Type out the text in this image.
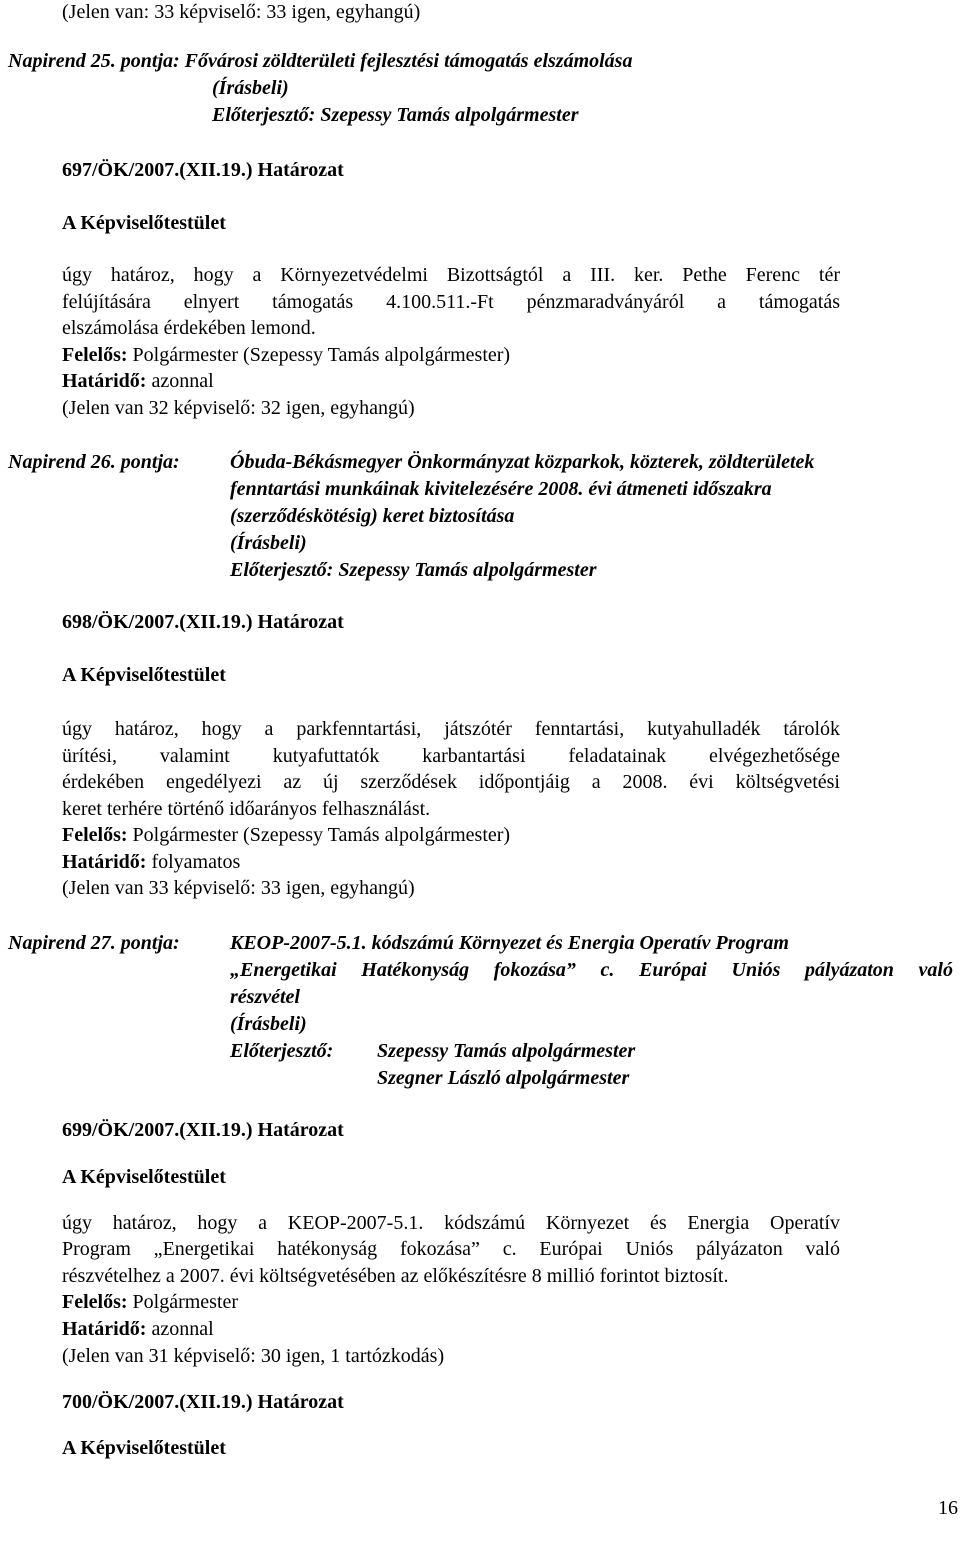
(Jelen van: 33 képviselő: 33 igen, egyhangú)
Napirend 25. pontja: Fővárosi zöldterületi fejlesztési támogatás elszámolása
(Írásbeli)
Előterjesztő: Szepessy Tamás alpolgármester
697/ÖK/2007.(XII.19.) Határozat
A Képviselőtestület
úgy határoz, hogy a Környezetvédelmi Bizottságtól a III. ker. Pethe Ferenc tér
felújítására elnyert támogatás 4.100.511.-Ft pénzmaradványáról a támogatás
elszámolása érdekében lemond.
Felelős: Polgármester (Szepessy Tamás alpolgármester)
Határidő: azonnal
(Jelen van 32 képviselő: 32 igen, egyhangú)
Napirend 26. pontja:	Óbuda-Békásmegyer Önkormányzat közparkok, közterek, zöldterületek
fenntartási munkáinak kivitelezésére 2008. évi átmeneti időszakra
(szerződéskötésig) keret biztosítása
(Írásbeli)
Előterjesztő: Szepessy Tamás alpolgármester
698/ÖK/2007.(XII.19.) Határozat
A Képviselőtestület
úgy határoz, hogy a parkfenntartási, játszótér fenntartási, kutyahulladék tárolók
ürítési, valamint kutyafuttatók karbantartási feladatainak elvégezhetősége
érdekében engedélyezi az új szerződések időpontjáig a 2008. évi költségvetési
keret terhére történő időarányos felhasználást.
Felelős: Polgármester (Szepessy Tamás alpolgármester)
Határidő: folyamatos
(Jelen van 33 képviselő: 33 igen, egyhangú)
Napirend 27. pontja:	KEOP-2007-5.1. kódszámú Környezet és Energia Operatív Program
„Energetikai Hatékonyság fokozása” c. Európai Uniós pályázaton való
részvétel
(Írásbeli)
Előterjesztő: Szepessy Tamás alpolgármester
Szegner László alpolgármester
699/ÖK/2007.(XII.19.) Határozat
A Képviselőtestület
úgy határoz, hogy a KEOP-2007-5.1. kódszámú Környezet és Energia Operatív
Program „Energetikai hatékonyság fokozása” c. Európai Uniós pályázaton való
részvételhez a 2007. évi költségvetésében az előkészítésre 8 millió forintot biztosít.
Felelős: Polgármester
Határidő: azonnal
(Jelen van 31 képviselő: 30 igen, 1 tartózkodás)
700/ÖK/2007.(XII.19.) Határozat
A Képviselőtestület
16
